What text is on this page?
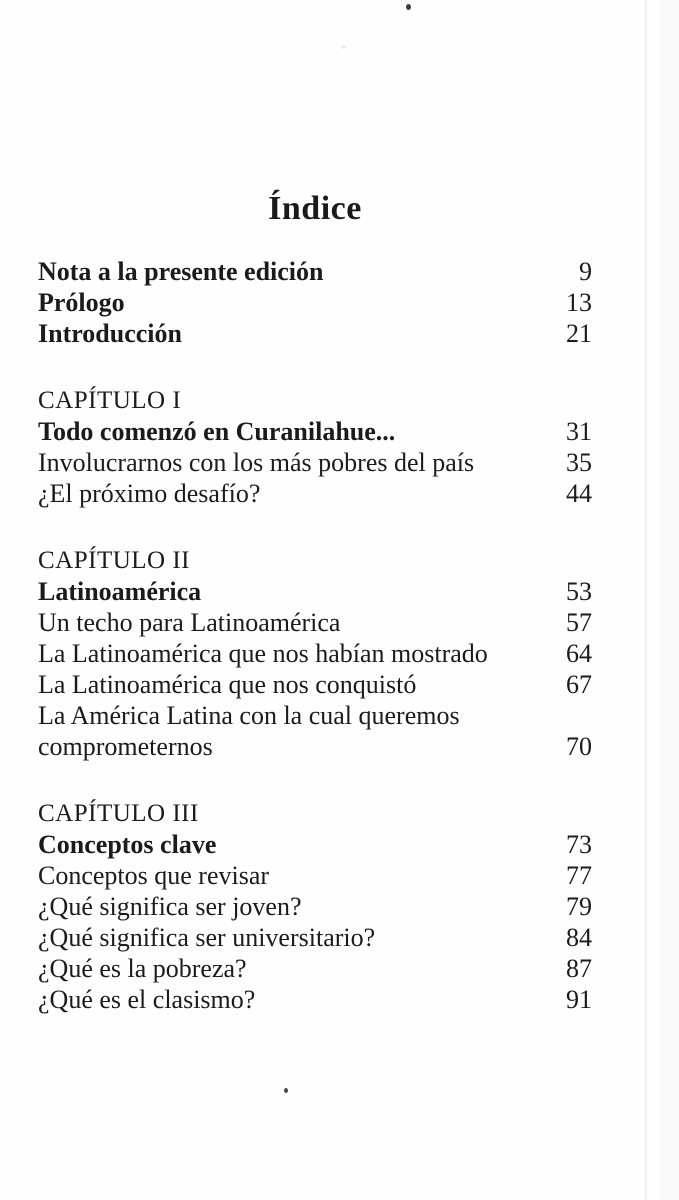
Índice
Nota a la presente edición	9
Prólogo	13
Introducción	21
CAPÍTULO I
Todo comenzó en Curanilahue...	31
Involucrarnos con los más pobres del país	35
¿El próximo desafío?	44
CAPÍTULO II
Latinoamérica	53
Un techo para Latinoamérica	57
La Latinoamérica que nos habían mostrado	64
La Latinoamérica que nos conquistó	67
La América Latina con la cual queremos
comprometernos	70
CAPÍTULO III
Conceptos clave	73
Conceptos que revisar	77
¿Qué significa ser joven?	79
¿Qué significa ser universitario?	84
¿Qué es la pobreza?	87
¿Qué es el clasismo?	91
